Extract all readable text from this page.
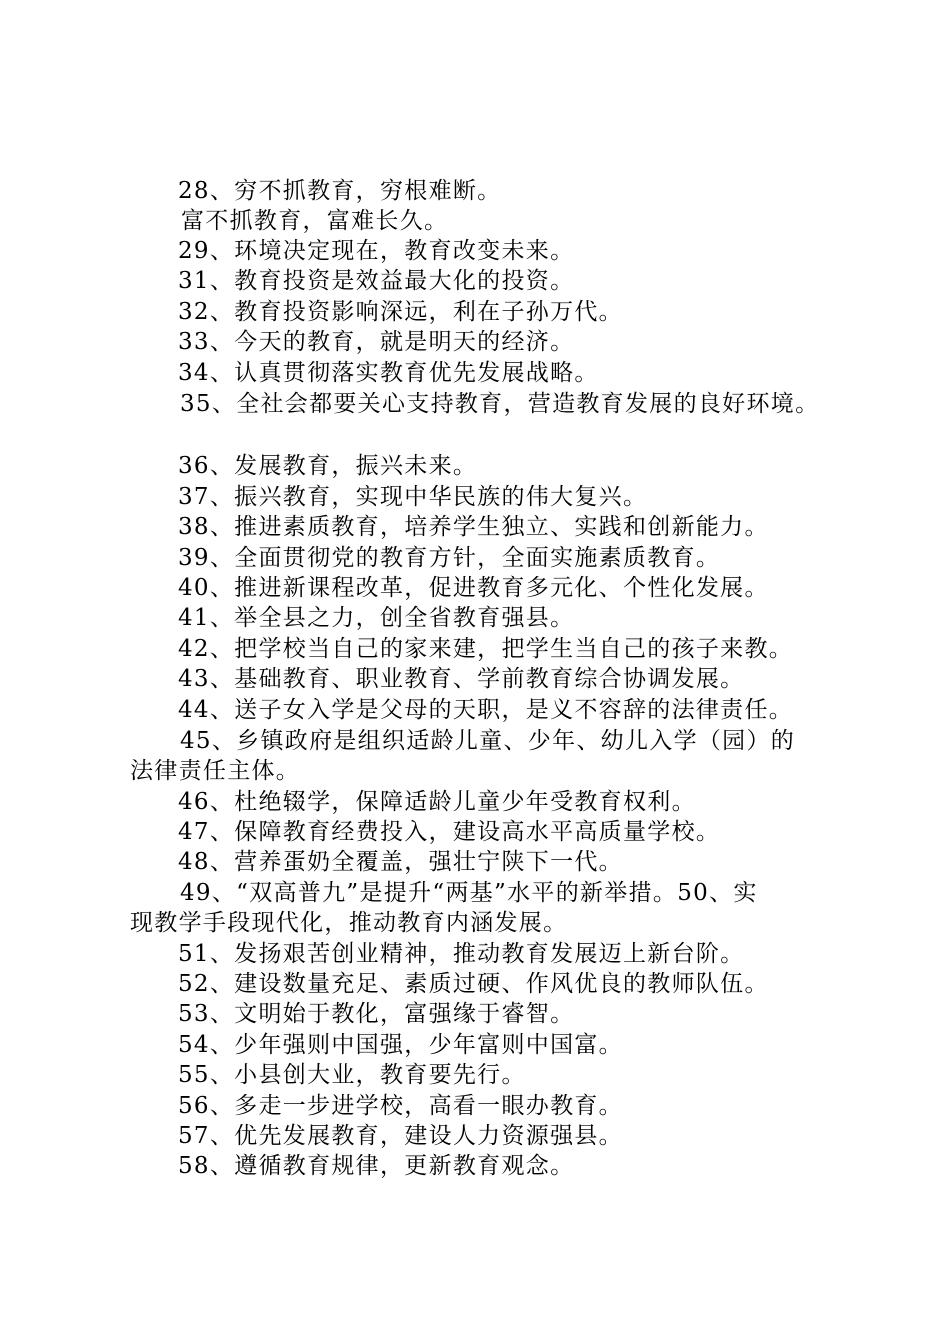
28、穷不抓教育，穷根难断。
富不抓教育，富难长久。
29、环境决定现在，教育改变未来。
31、教育投资是效益最大化的投资。
32、教育投资影响深远，利在子孙万代。
33、今天的教育，就是明天的经济。
34、认真贯彻落实教育优先发展战略。
35、全社会都要关心支持教育，营造教育发展的良好环境。
36、发展教育，振兴未来。
37、振兴教育，实现中华民族的伟大复兴。
38、推进素质教育，培养学生独立、实践和创新能力。
39、全面贯彻党的教育方针，全面实施素质教育。
40、推进新课程改革，促进教育多元化、个性化发展。
41、举全县之力，创全省教育强县。
42、把学校当自己的家来建，把学生当自己的孩子来教。
43、基础教育、职业教育、学前教育综合协调发展。
44、送子女入学是父母的天职，是义不容辞的法律责任。
45、乡镇政府是组织适龄儿童、少年、幼儿入学（园）的
法律责任主体。
46、杜绝辍学，保障适龄儿童少年受教育权利。
47、保障教育经费投入，建设高水平高质量学校。
48、营养蛋奶全覆盖，强壮宁陕下一代。
49、“双高普九”是提升“两基”水平的新举措。50、实
现教学手段现代化，推动教育内涵发展。
51、发扬艰苦创业精神，推动教育发展迈上新台阶。
52、建设数量充足、素质过硬、作风优良的教师队伍。
53、文明始于教化，富强缘于睿智。
54、少年强则中国强，少年富则中国富。
55、小县创大业，教育要先行。
56、多走一步进学校，高看一眼办教育。
57、优先发展教育，建设人力资源强县。
58、遵循教育规律，更新教育观念。
